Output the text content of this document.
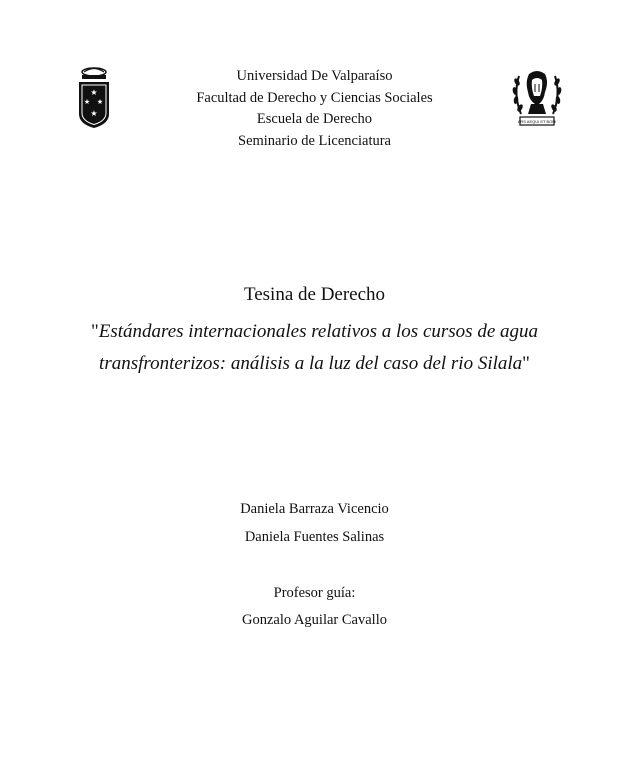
★
★ ★
★
ARS AEQUI ET BONI
Universidad De Valparaíso
Facultad de Derecho y Ciencias Sociales
Escuela de Derecho
Seminario de Licenciatura
Tesina de Derecho
"Estándares internacionales relativos a los cursos de agua
transfronterizos: análisis a la luz del caso del rio Silala"
Daniela Barraza Vicencio
Daniela Fuentes Salinas
Profesor guía:
Gonzalo Aguilar Cavallo
